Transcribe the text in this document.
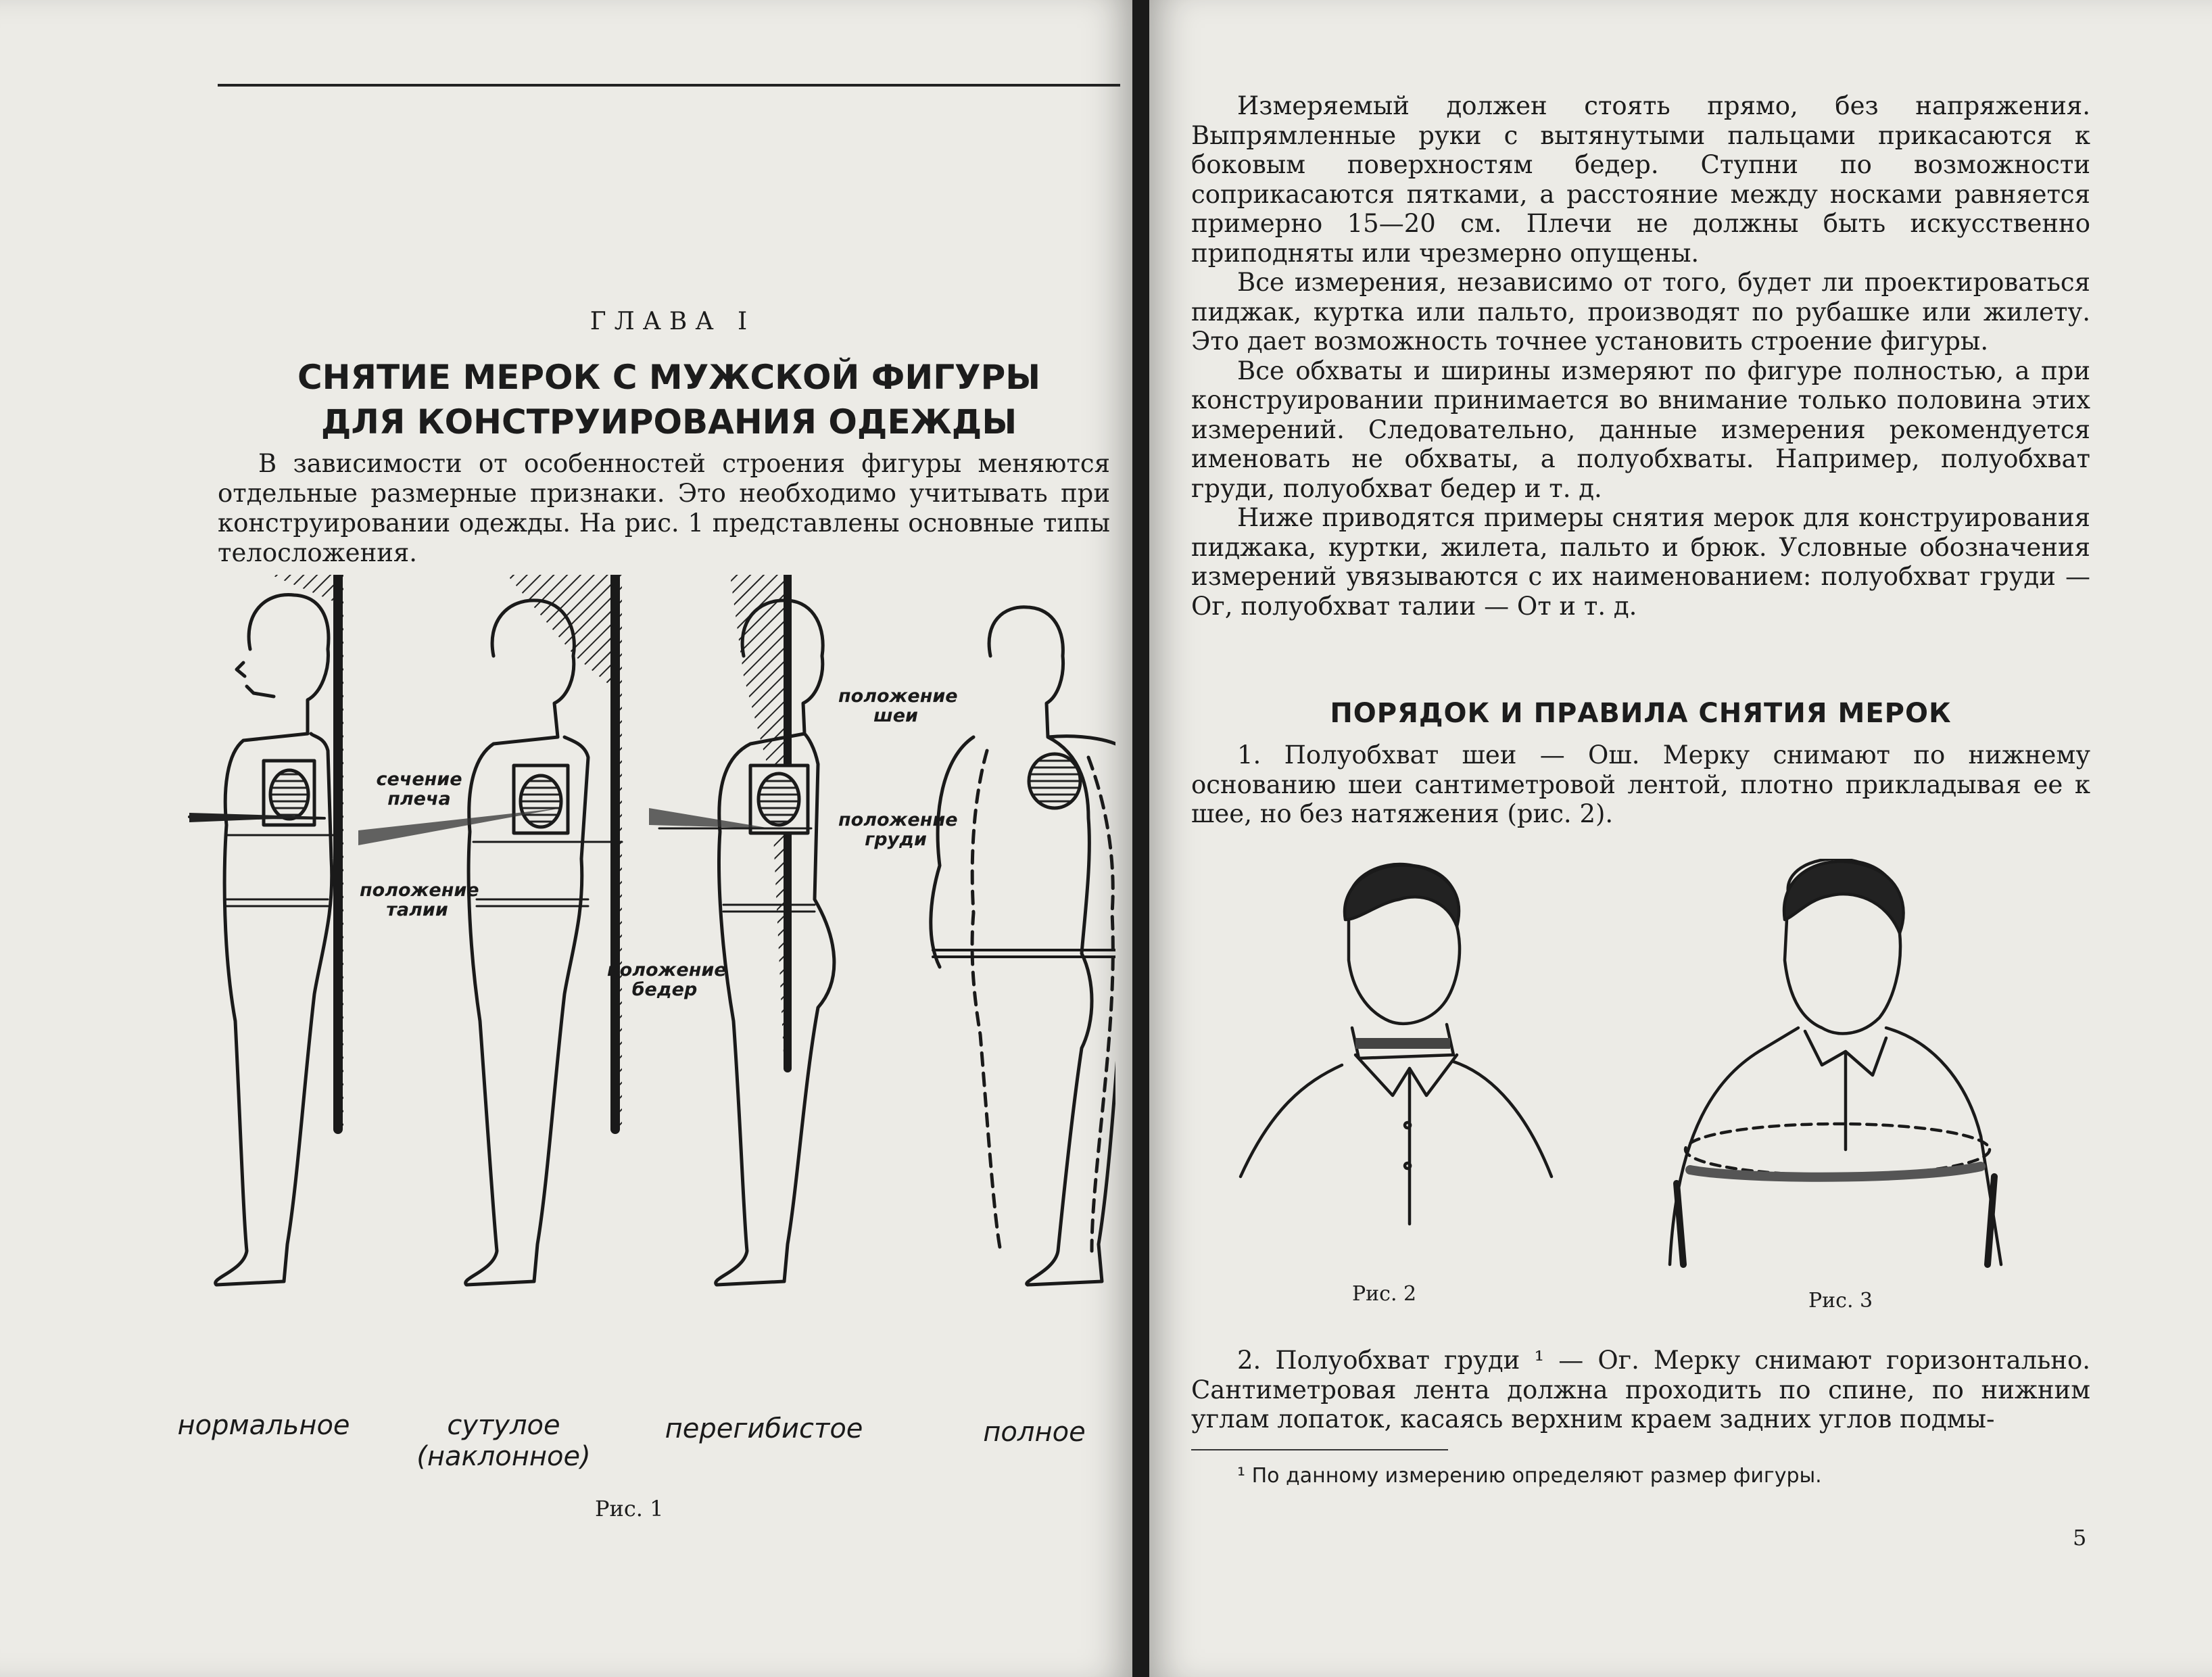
ГЛАВА I
СНЯТИЕ МЕРОК С МУЖСКОЙ ФИГУРЫ
ДЛЯ КОНСТРУИРОВАНИЯ ОДЕЖДЫ
В зависимости от особенностей строения фигуры меняются отдельные размерные признаки. Это необходимо учитывать при конструировании одежды. На рис. 1 представлены основные типы телосложения.
сечение плеча
положение талии
положение бедер
положение шеи
положение груди
нормальное	сутулое (наклонное)
перегибистое	полное
Рис. 1

Измеряемый должен стоять прямо, без напряжения. Выпрямленные руки с вытянутыми пальцами прикасаются к боковым поверхностям бедер. Ступни по возможности соприкасаются пятками, а расстояние между носками равняется примерно 15—20 см. Плечи не должны быть искусственно приподняты или чрезмерно опущены.

Все измерения, независимо от того, будет ли проектироваться пиджак, куртка или пальто, производят по рубашке или жилету. Это дает возможность точнее установить строение фигуры.

Все обхваты и ширины измеряют по фигуре полностью, а при конструировании принимается во внимание только половина этих измерений. Следовательно, данные измерения рекомендуется именовать не обхваты, а полуобхваты. Например, полуобхват груди, полуобхват бедер и т. д.

Ниже приводятся примеры снятия мерок для конструирования пиджака, куртки, жилета, пальто и брюк. Условные обозначения измерений увязываются с их наименованием: полуобхват груди — Ог, полуобхват талии — От и т. д.

ПОРЯДОК И ПРАВИЛА СНЯТИЯ МЕРОК

1. Полуобхват шеи — Ош. Мерку снимают по нижнему основанию шеи сантиметровой лентой, плотно прикладывая ее к шее, но без натяжения (рис. 2).

Рис. 2	Рис. 3

2. Полуобхват груди ¹ — Ог. Мерку снимают горизонтально. Сантиметровая лента должна проходить по спине, по нижним углам лопаток, касаясь верхним краем задних углов подмы-

¹ По данному измерению определяют размер фигуры.
5
